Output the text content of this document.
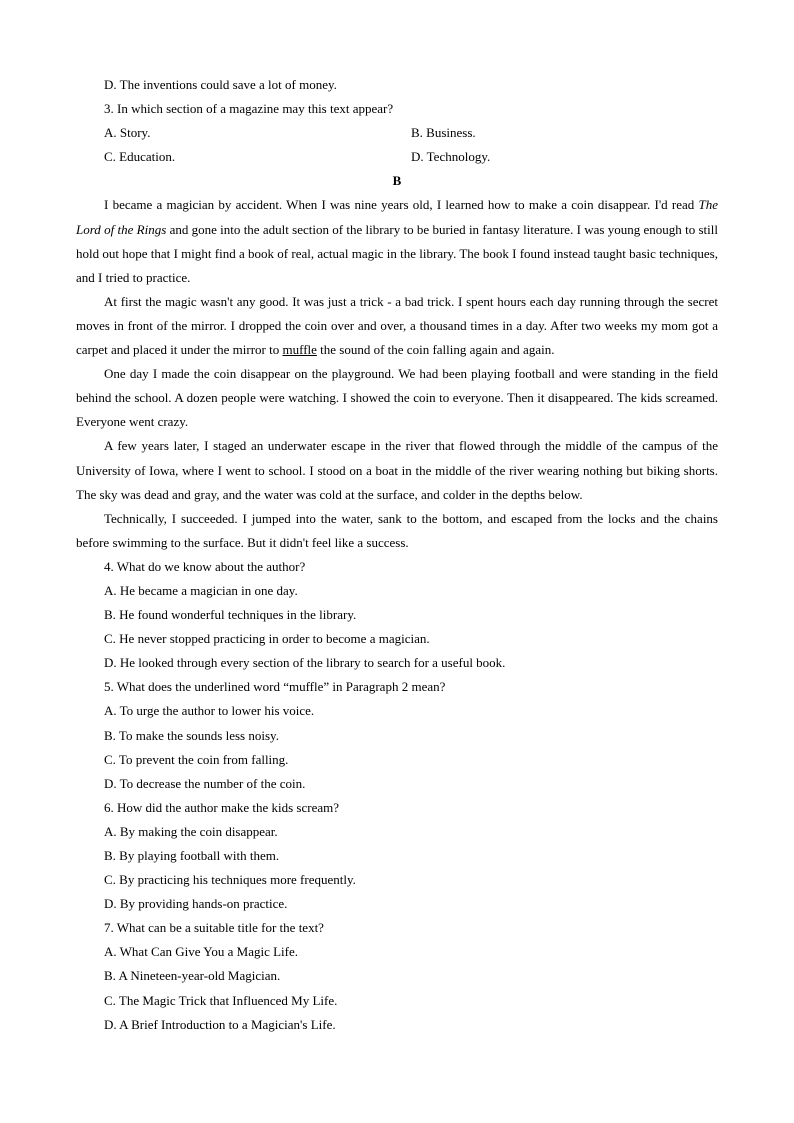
D. The inventions could save a lot of money.
3. In which section of a magazine may this text appear?
A. Story.	B. Business.
C. Education.	D. Technology.
B
I became a magician by accident. When I was nine years old, I learned how to make a coin disappear. I'd read The Lord of the Rings and gone into the adult section of the library to be buried in fantasy literature. I was young enough to still hold out hope that I might find a book of real, actual magic in the library. The book I found instead taught basic techniques, and I tried to practice.
At first the magic wasn't any good. It was just a trick - a bad trick. I spent hours each day running through the secret moves in front of the mirror. I dropped the coin over and over, a thousand times in a day. After two weeks my mom got a carpet and placed it under the mirror to muffle the sound of the coin falling again and again.
One day I made the coin disappear on the playground. We had been playing football and were standing in the field behind the school. A dozen people were watching. I showed the coin to everyone. Then it disappeared. The kids screamed. Everyone went crazy.
A few years later, I staged an underwater escape in the river that flowed through the middle of the campus of the University of Iowa, where I went to school. I stood on a boat in the middle of the river wearing nothing but biking shorts. The sky was dead and gray, and the water was cold at the surface, and colder in the depths below.
Technically, I succeeded. I jumped into the water, sank to the bottom, and escaped from the locks and the chains before swimming to the surface. But it didn't feel like a success.
4. What do we know about the author?
A. He became a magician in one day.
B. He found wonderful techniques in the library.
C. He never stopped practicing in order to become a magician.
D. He looked through every section of the library to search for a useful book.
5. What does the underlined word “muffle” in Paragraph 2 mean?
A. To urge the author to lower his voice.
B. To make the sounds less noisy.
C. To prevent the coin from falling.
D. To decrease the number of the coin.
6. How did the author make the kids scream?
A. By making the coin disappear.
B. By playing football with them.
C. By practicing his techniques more frequently.
D. By providing hands-on practice.
7. What can be a suitable title for the text?
A. What Can Give You a Magic Life.
B. A Nineteen-year-old Magician.
C. The Magic Trick that Influenced My Life.
D. A Brief Introduction to a Magician's Life.
